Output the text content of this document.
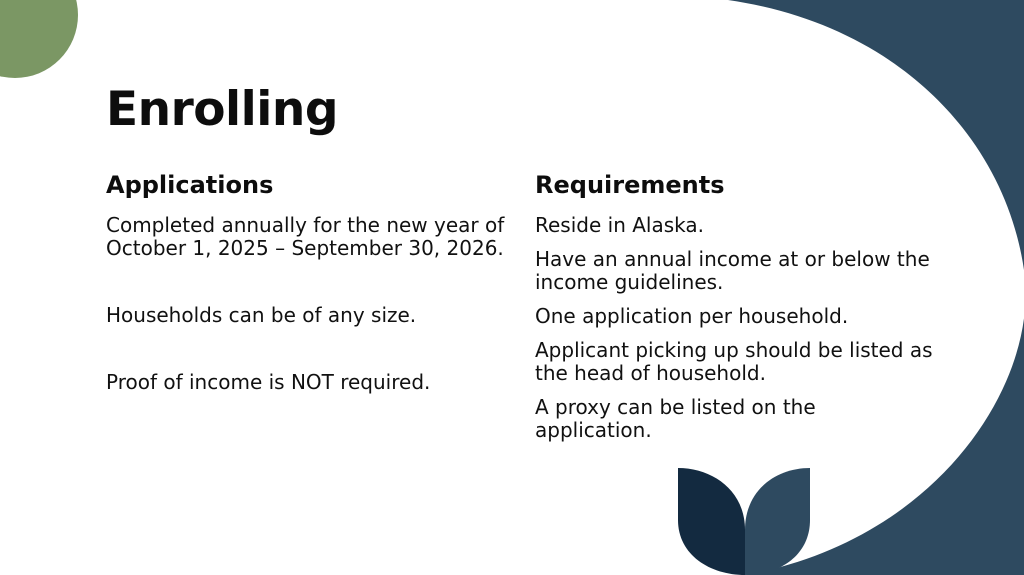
Enrolling
Applications

Completed annually for the new year of October 1, 2025 – September 30, 2026.

Households can be of any size.

Proof of income is NOT required.

Requirements

Reside in Alaska.

Have an annual income at or below the income guidelines.

One application per household.

Applicant picking up should be listed as the head of household.

A proxy can be listed on the application.
